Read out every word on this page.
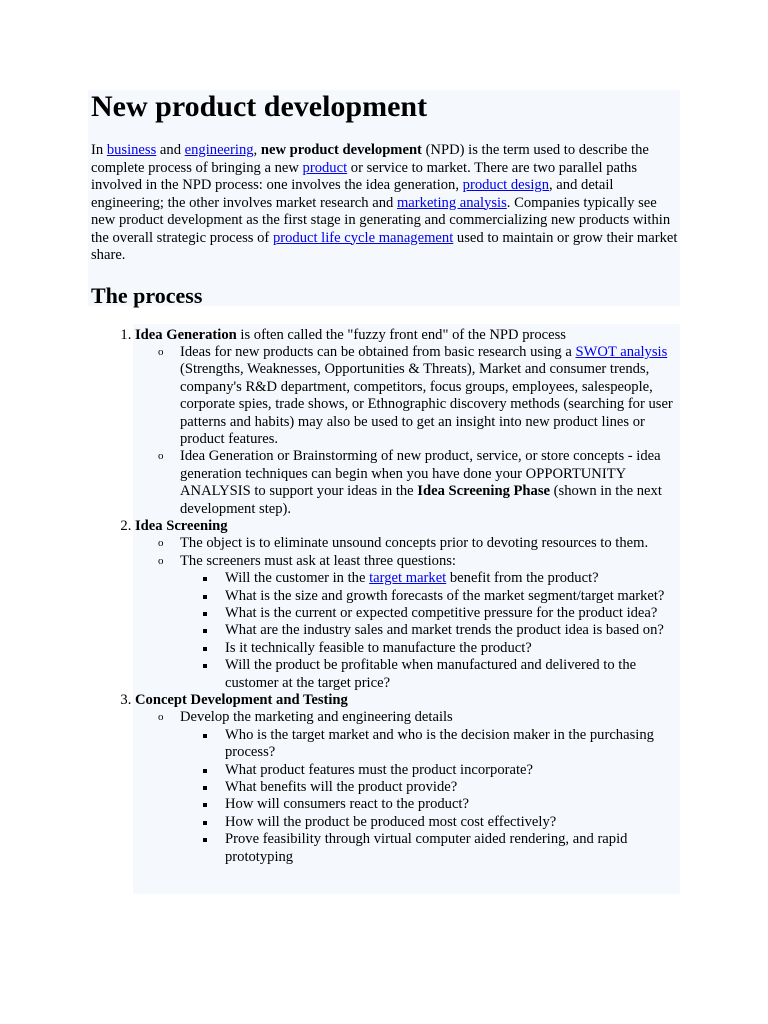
New product development

In business and engineering, new product development (NPD) is the term used to describe the complete process of bringing a new product or service to market. There are two parallel paths involved in the NPD process: one involves the idea generation, product design, and detail engineering; the other involves market research and marketing analysis. Companies typically see new product development as the first stage in generating and commercializing new products within the overall strategic process of product life cycle management used to maintain or grow their market share.

The process
1. Idea Generation is often called the "fuzzy front end" of the NPD process
o Ideas for new products can be obtained from basic research using a SWOT analysis (Strengths, Weaknesses, Opportunities & Threats), Market and consumer trends, company's R&D department, competitors, focus groups, employees, salespeople, corporate spies, trade shows, or Ethnographic discovery methods (searching for user patterns and habits) may also be used to get an insight into new product lines or product features.
o Idea Generation or Brainstorming of new product, service, or store concepts - idea generation techniques can begin when you have done your OPPORTUNITY ANALYSIS to support your ideas in the Idea Screening Phase (shown in the next development step).
2. Idea Screening
o The object is to eliminate unsound concepts prior to devoting resources to them.
o The screeners must ask at least three questions:
Will the customer in the target market benefit from the product?
What is the size and growth forecasts of the market segment/target market?
What is the current or expected competitive pressure for the product idea?
What are the industry sales and market trends the product idea is based on?
Is it technically feasible to manufacture the product?
Will the product be profitable when manufactured and delivered to the customer at the target price?
3. Concept Development and Testing
o Develop the marketing and engineering details
Who is the target market and who is the decision maker in the purchasing process?
What product features must the product incorporate?
What benefits will the product provide?
How will consumers react to the product?
How will the product be produced most cost effectively?
Prove feasibility through virtual computer aided rendering, and rapid prototyping
